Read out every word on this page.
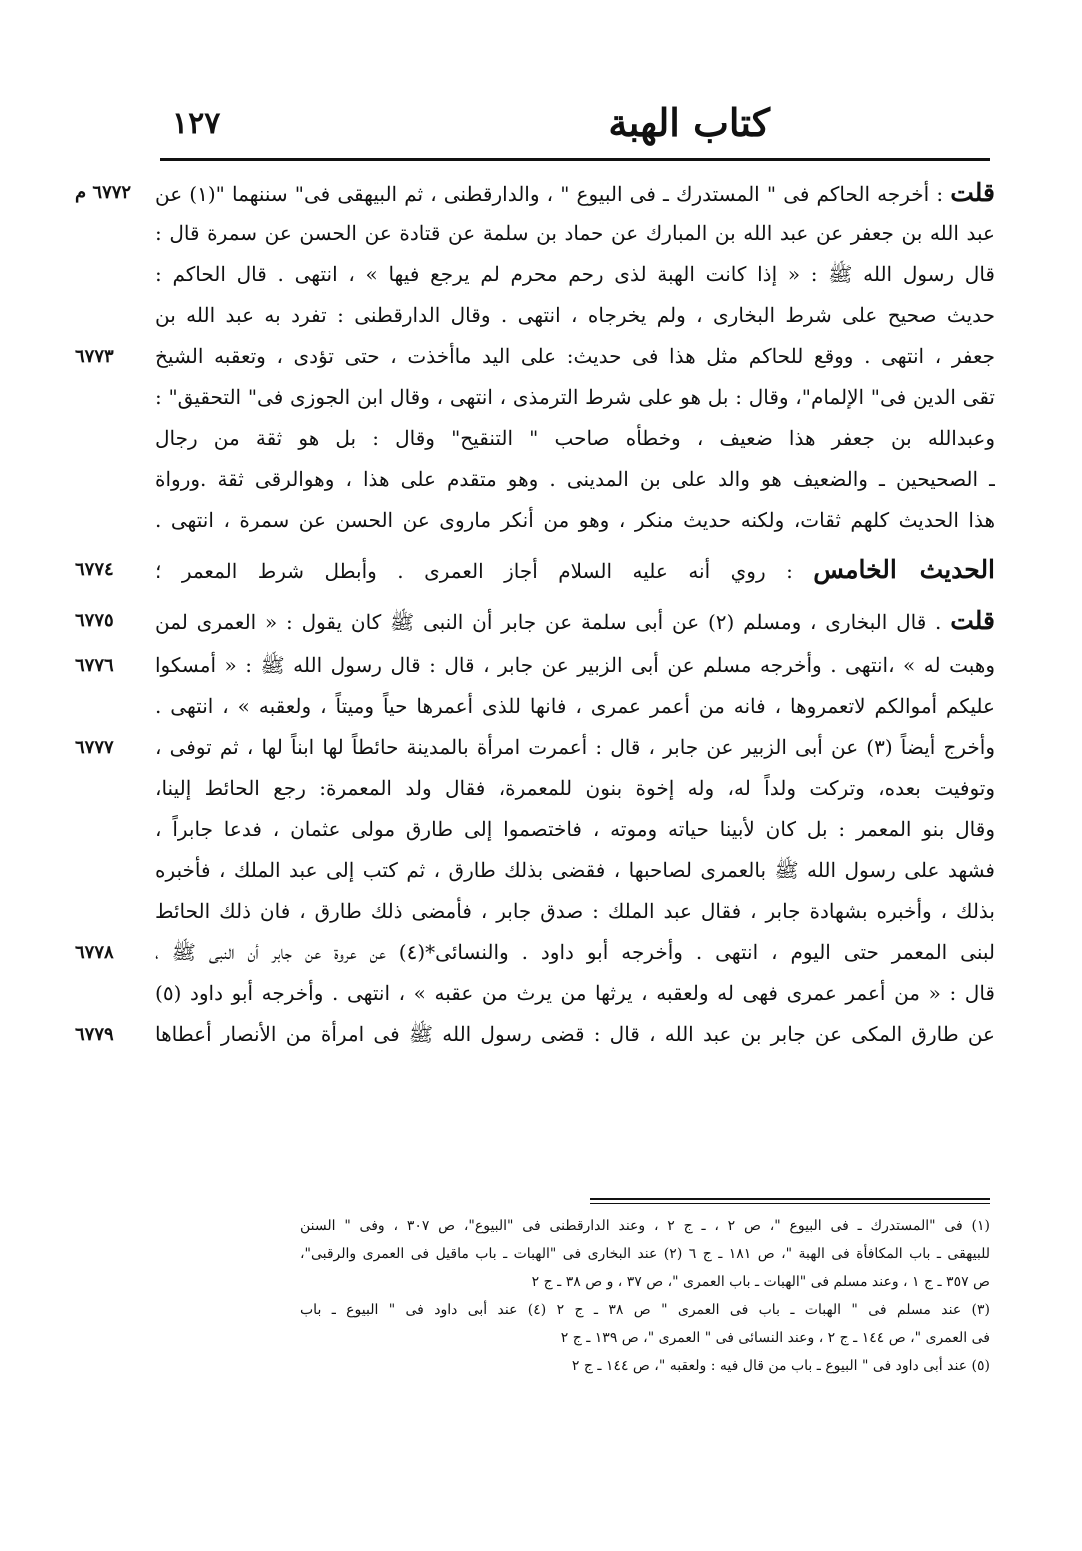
كتاب الهبة
١٢٧
قلت : أخرجه الحاكم فى " المستدرك ـ فى البيوع " ، والدارقطنى ، ثم البيهقى فى" سننهما "(١) عن
٦٧٧٢ م
عبد الله بن جعفر عن عبد الله بن المبارك عن حماد بن سلمة عن قتادة عن الحسن عن سمرة قال :
قال رسول الله ﷺ : « إذا كانت الهبة لذى رحم محرم لم يرجع فيها » ، انتهى . قال الحاكم :
حديث صحيح على شرط البخارى ، ولم يخرجاه ، انتهى . وقال الدارقطنى : تفرد به عبد الله بن
جعفر ، انتهى . ووقع للحاكم مثل هذا فى حديث: على اليد ماأخذت ، حتى تؤدى ، وتعقبه الشيخ
٦٧٧٣
تقى الدين فى" الإلمام"، وقال : بل هو على شرط الترمذى ، انتهى ، وقال ابن الجوزى فى" التحقيق" :
وعبدالله بن جعفر هذا ضعيف ، وخطأه صاحب " التنقيح" وقال : بل هو ثقة من رجال
ـ الصحيحين ـ والضعيف هو والد على بن المدينى . وهو متقدم على هذا ، وهوالرقى ثقة .ورواة
هذا الحديث كلهم ثقات، ولكنه حديث منكر ، وهو من أنكر ماروى عن الحسن عن سمرة ، انتهى .
الحديث الخامس : روي أنه عليه السلام أجاز العمرى . وأبطل شرط المعمر ؛
٦٧٧٤
قلت . قال البخارى ، ومسلم (٢) عن أبى سلمة عن جابر أن النبى ﷺ كان يقول : « العمرى لمن
٦٧٧٥
وهبت له » ،انتهى . وأخرجه مسلم عن أبى الزبير عن جابر ، قال : قال رسول الله ﷺ : « أمسكوا
٦٧٧٦
عليكم أموالكم لاتعمروها ، فانه من أعمر عمرى ، فانها للذى أعمرها حياً وميتاً ، ولعقبه » ، انتهى .
وأخرج أيضاً (٣) عن أبى الزبير عن جابر ، قال : أعمرت امرأة بالمدينة حائطاً لها ابناً لها ، ثم توفى ،
٦٧٧٧
وتوفيت بعده، وتركت ولداً له، وله إخوة بنون للمعمرة، فقال ولد المعمرة: رجع الحائط إلينا،
وقال بنو المعمر : بل كان لأبينا حياته وموته ، فاختصموا إلى طارق مولى عثمان ، فدعا جابراً ،
فشهد على رسول الله ﷺ بالعمرى لصاحبها ، فقضى بذلك طارق ، ثم كتب إلى عبد الملك ، فأخبره
بذلك ، وأخبره بشهادة جابر ، فقال عبد الملك : صدق جابر ، فأمضى ذلك طارق ، فان ذلك الحائط
لبنى المعمر حتى اليوم ، انتهى . وأخرجه أبو داود . والنسائى*(٤) عن عروة عن جابر أن النبى ﷺ ،
٦٧٧٨
قال : « من أعمر عمرى فهى له ولعقبه ، يرثها من يرث من عقبه » ، انتهى . وأخرجه أبو داود (٥)
عن طارق المكى عن جابر بن عبد الله ، قال : قضى رسول الله ﷺ فى امرأة من الأنصار أعطاها
٦٧٧٩
(١) فى "المستدرك ـ فى البيوع "، ص ٢ ، ـ ج ٢ ، وعند الدارقطنى فى "البيوع"، ص ٣٠٧ ، وفى " السنن
للبيهقى ـ باب المكافأة فى الهبة "، ص ١٨١ ـ ج ٦ (٢) عند البخارى فى "الهبات ـ باب ماقيل فى العمرى والرقبى"،
ص ٣٥٧ ـ ج ١ ، وعند مسلم فى "الهبات ـ باب العمرى "، ص ٣٧ ، و ص ٣٨ ـ ج ٢
(٣) عند مسلم فى " الهبات ـ باب فى العمرى " ص ٣٨ ـ ج ٢ (٤) عند أبى داود فى " البيوع ـ باب
فى العمرى "، ص ١٤٤ ـ ج ٢ ، وعند النسائى فى " العمرى "، ص ١٣٩ ـ ج ٢
(٥) عند أبى داود فى " البيوع ـ باب من قال فيه : ولعقبه "، ص ١٤٤ ـ ج ٢
